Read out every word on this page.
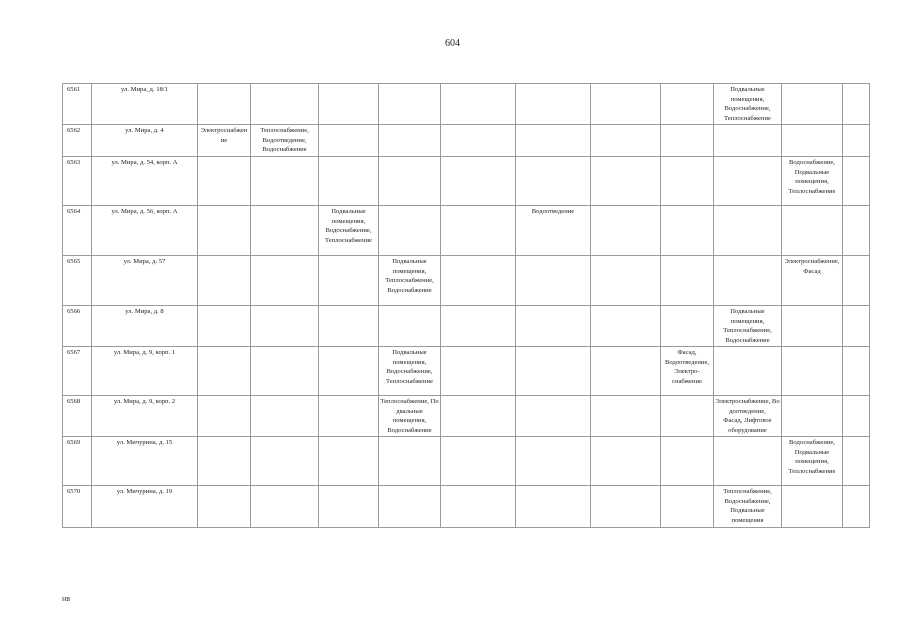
604
6561	ул. Мира, д. 18/1									Подвальные
помещения,
Водоснабжение,
Теплоснабжение		
6562	ул. Мира, д. 4	Электроснабжение	Теплоснабжение,
Водоотведение,
Водоснабжение									
6563	ул. Мира, д. 54, корп. А										Водоснабжение,
Подвальные
помещения,
Теплоснабжение	
6564	ул. Мира, д. 56, корп. А			Подвальные
помещения,
Водоснабжение,
Теплоснабжение			Водоотведение					
6565	ул. Мира, д. 57				Подвальные
помещения,
Теплоснабжение,
Водоснабжение						Электроснабжение, Фасад	
6566	ул. Мира, д. 8									Подвальные
помещения,
Теплоснабжение,
Водоснабжение		
6567	ул. Мира, д. 9, корп. 1				Подвальные
помещения,
Водоснабжение,
Теплоснабжение				Фасад,
Водоотведение, Электро-
снабжение			
6568	ул. Мира, д. 9, корп. 2				Теплоснабжение, Подвальные
помещения,
Водоснабжение					Электроснабжение, Водоотведение,
Фасад, Лифтовое
оборудование		
6569	ул. Мичурина, д. 15										Водоснабжение,
Подвальные
помещения,
Теплоснабжение	
6570	ул. Мичурина, д. 19									Теплоснабжение,
Водоснабжение,
Подвальные
помещения		
нв
